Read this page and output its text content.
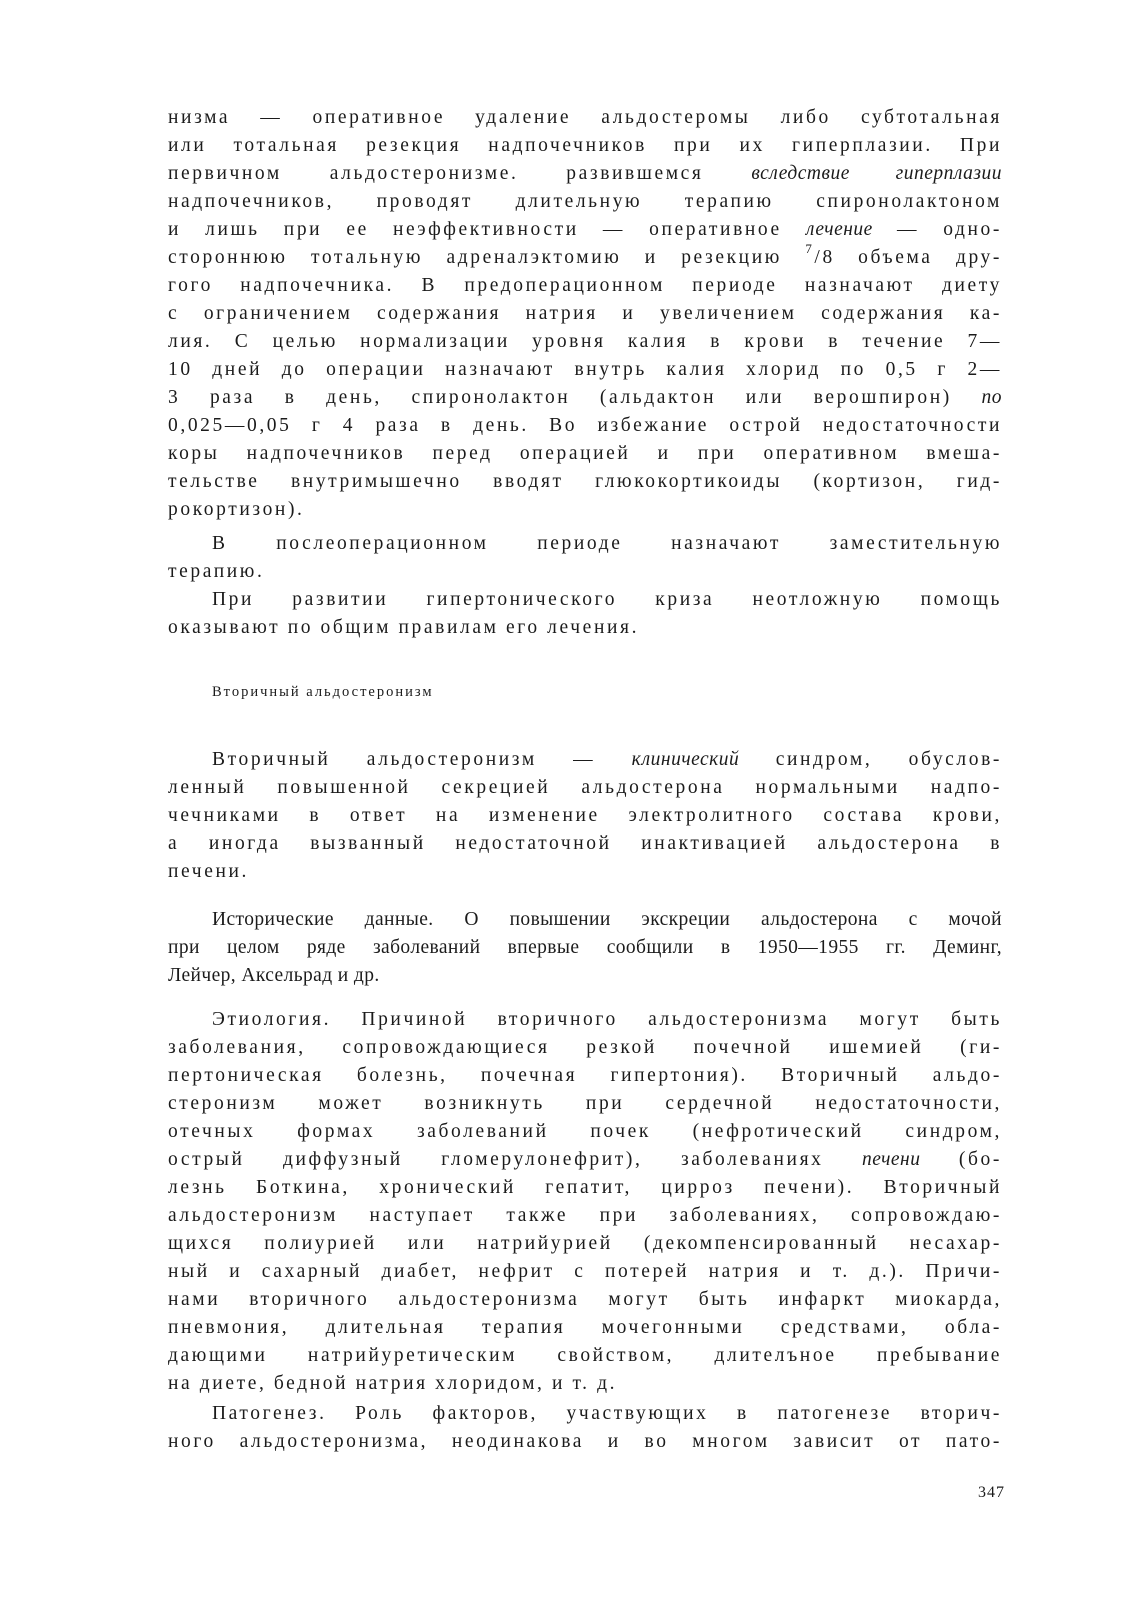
низма — оперативное удаление альдостеромы либо субтотальная
или тотальная резекция надпочечников при их гиперплазии. При
первичном альдостеронизме. развившемся вследствие гиперплазии
надпочечников, проводят длительную терапию спиронолактоном
и лишь при ее неэффективности — оперативное лечение — одно-
стороннюю тотальную адреналэктомию и резекцию $^7$/8 объема дру-
гого надпочечника. В предоперационном периоде назначают диету
с ограничением содержания натрия и увеличением содержания ка-
лия. С целью нормализации уровня калия в крови в течение 7—
10 дней до операции назначают внутрь калия хлорид по 0,5 г 2—
3 раза в день, спиронолактон (альдактон или верошпирон) по
0,025—0,05 г 4 раза в день. Во избежание острой недостаточности
коры надпочечников перед операцией и при оперативном вмеша-
тельстве внутримышечно вводят глюкокортикоиды (кортизон, гид-
рокортизон).
В послеоперационном периоде назначают заместительную
терапию.
При развитии гипертонического криза неотложную помощь
оказывают по общим правилам его лечения.
Вторичный альдостеронизм — клинический синдром, обуслов-
ленный повышенной секрецией альдостерона нормальными надпо-
чечниками в ответ на изменение электролитного состава крови,
а иногда вызванный недостаточной инактивацией альдостерона в
печени.
Исторические данные. О повышении экскреции альдостерона с мочой
при целом ряде заболеваний впервые сообщили в 1950—1955 гг. Деминг,
Лейчер, Аксельрад и др.
Этиология. Причиной вторичного альдостеронизма могут быть
заболевания, сопровождающиеся резкой почечной ишемией (ги-
пертоническая болезнь, почечная гипертония). Вторичный альдо-
стеронизм может возникнуть при сердечной недостаточности,
отечных формах заболеваний почек (нефротический синдром,
острый диффузный гломерулонефрит), заболеваниях печени (бо-
лезнь Боткина, хронический гепатит, цирроз печени). Вторичный
альдостеронизм наступает также при заболеваниях, сопровождаю-
щихся полиурией или натрийурией (декомпенсированный несахар-
ный и сахарный диабет, нефрит с потерей натрия и т. д.). Причи-
нами вторичного альдостеронизма могут быть инфаркт миокарда,
пневмония, длительная терапия мочегонными средствами, обла-
дающими натрийуретическим свойством, длителъное пребывание
на диете, бедной натрия хлоридом, и т. д.
Патогенез. Роль факторов, участвующих в патогенезе вторич-
ного альдостеронизма, неодинакова и во многом зависит от пато-
Вторичный альдостеронизм
347
